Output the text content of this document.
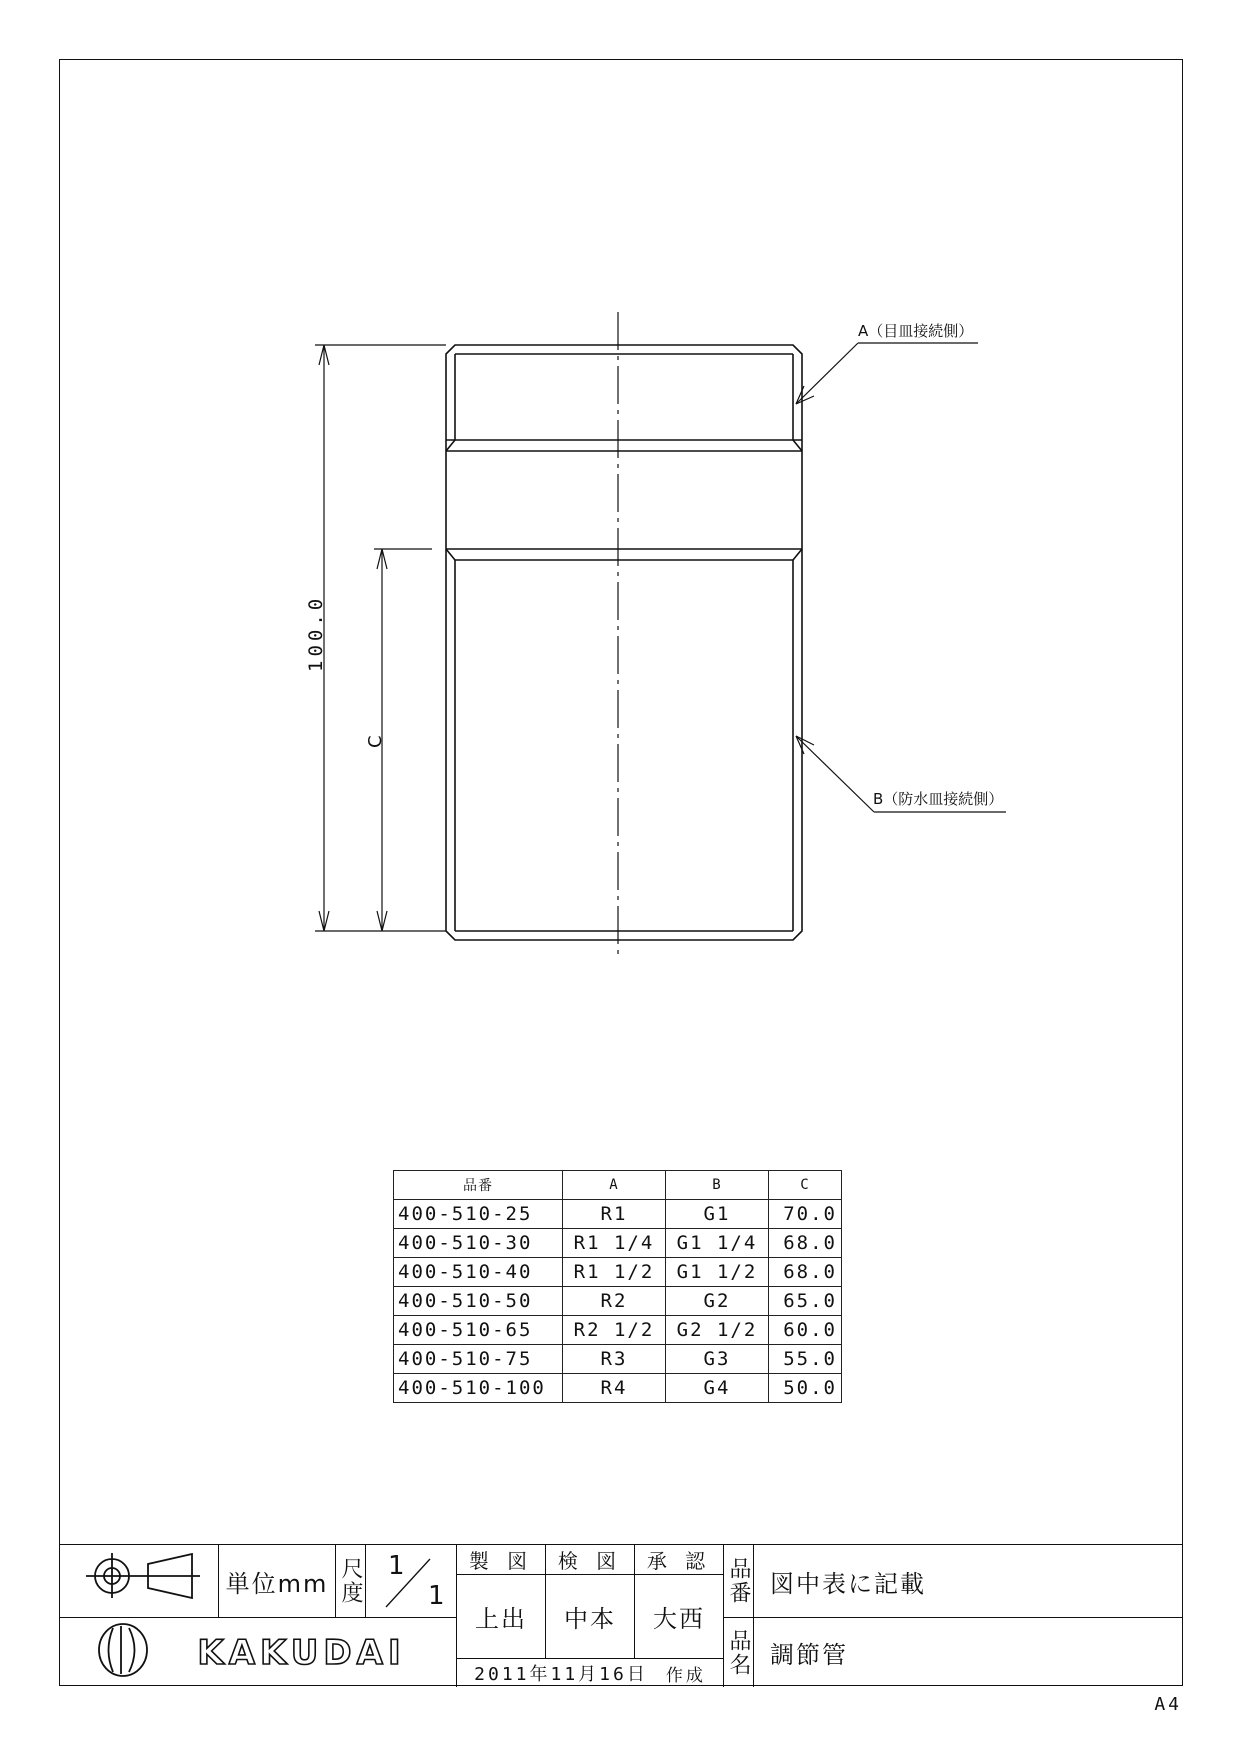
100.0
C
A（目皿接続側）
B（防水皿接続側）
品番	A	B	C
400-510-25	R1	G1	70.0
400-510-30	R1 1/4	G1 1/4	68.0
400-510-40	R1 1/2	G1 1/2	68.0
400-510-50	R2	G2	65.0
400-510-65	R2 1/2	G2 1/2	60.0
400-510-75	R3	G3	55.0
400-510-100	R4	G4	50.0
単位mm 尺度 1
1
KAKUDAI
製 図	検 図	承 認
上出	中本	大西
2011年11月16日 作成
品番 図中表に記載
品名 調節管
A4
